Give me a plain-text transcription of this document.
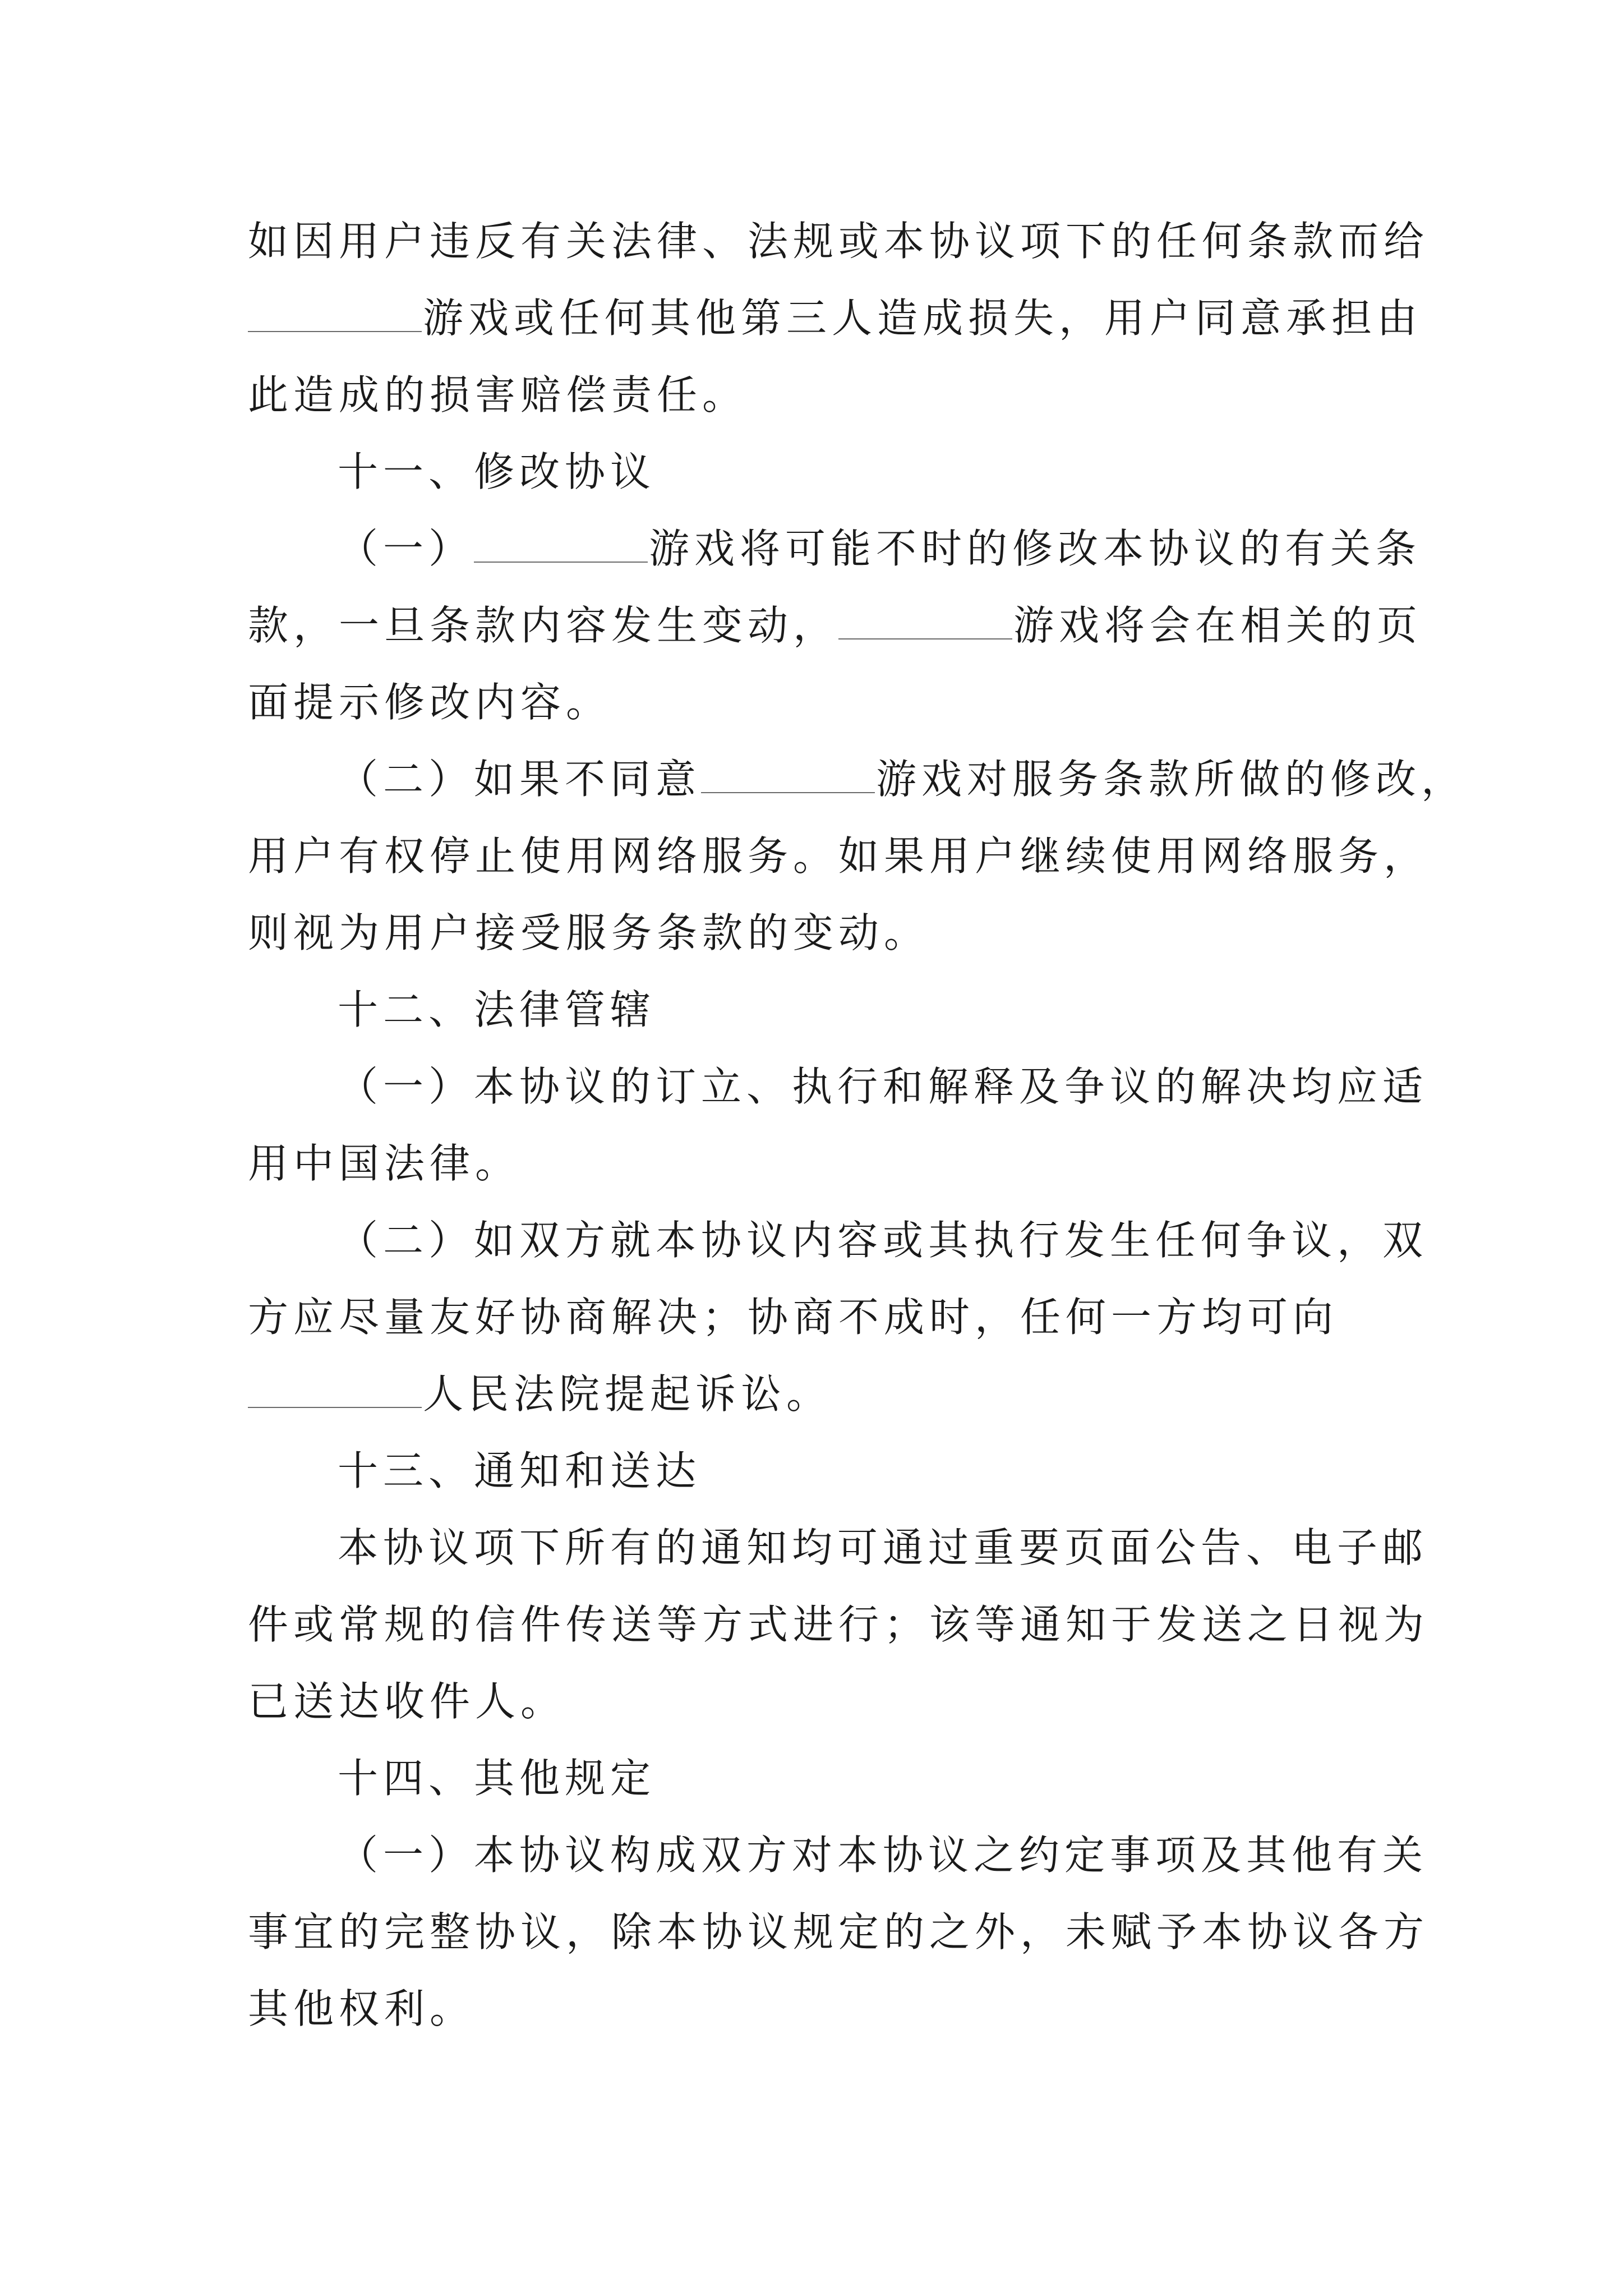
如因用户违反有关法律、法规或本协议项下的任何条款而给
游戏或任何其他第三人造成损失，用户同意承担由
此造成的损害赔偿责任。
十一、修改协议
（一）	游戏将可能不时的修改本协议的有关条
款，一旦条款内容发生变动，	游戏将会在相关的页
面提示修改内容。
（二）如果不同意	游戏对服务条款所做的修改，
用户有权停止使用网络服务。如果用户继续使用网络服务，
则视为用户接受服务条款的变动。
十二、法律管辖
（一）本协议的订立、执行和解释及争议的解决均应适
用中国法律。
（二）如双方就本协议内容或其执行发生任何争议，双
方应尽量友好协商解决；协商不成时，任何一方均可向
人民法院提起诉讼。
十三、通知和送达
本协议项下所有的通知均可通过重要页面公告、电子邮
件或常规的信件传送等方式进行；该等通知于发送之日视为
已送达收件人。
十四、其他规定
（一）本协议构成双方对本协议之约定事项及其他有关
事宜的完整协议，除本协议规定的之外，未赋予本协议各方
其他权利。
